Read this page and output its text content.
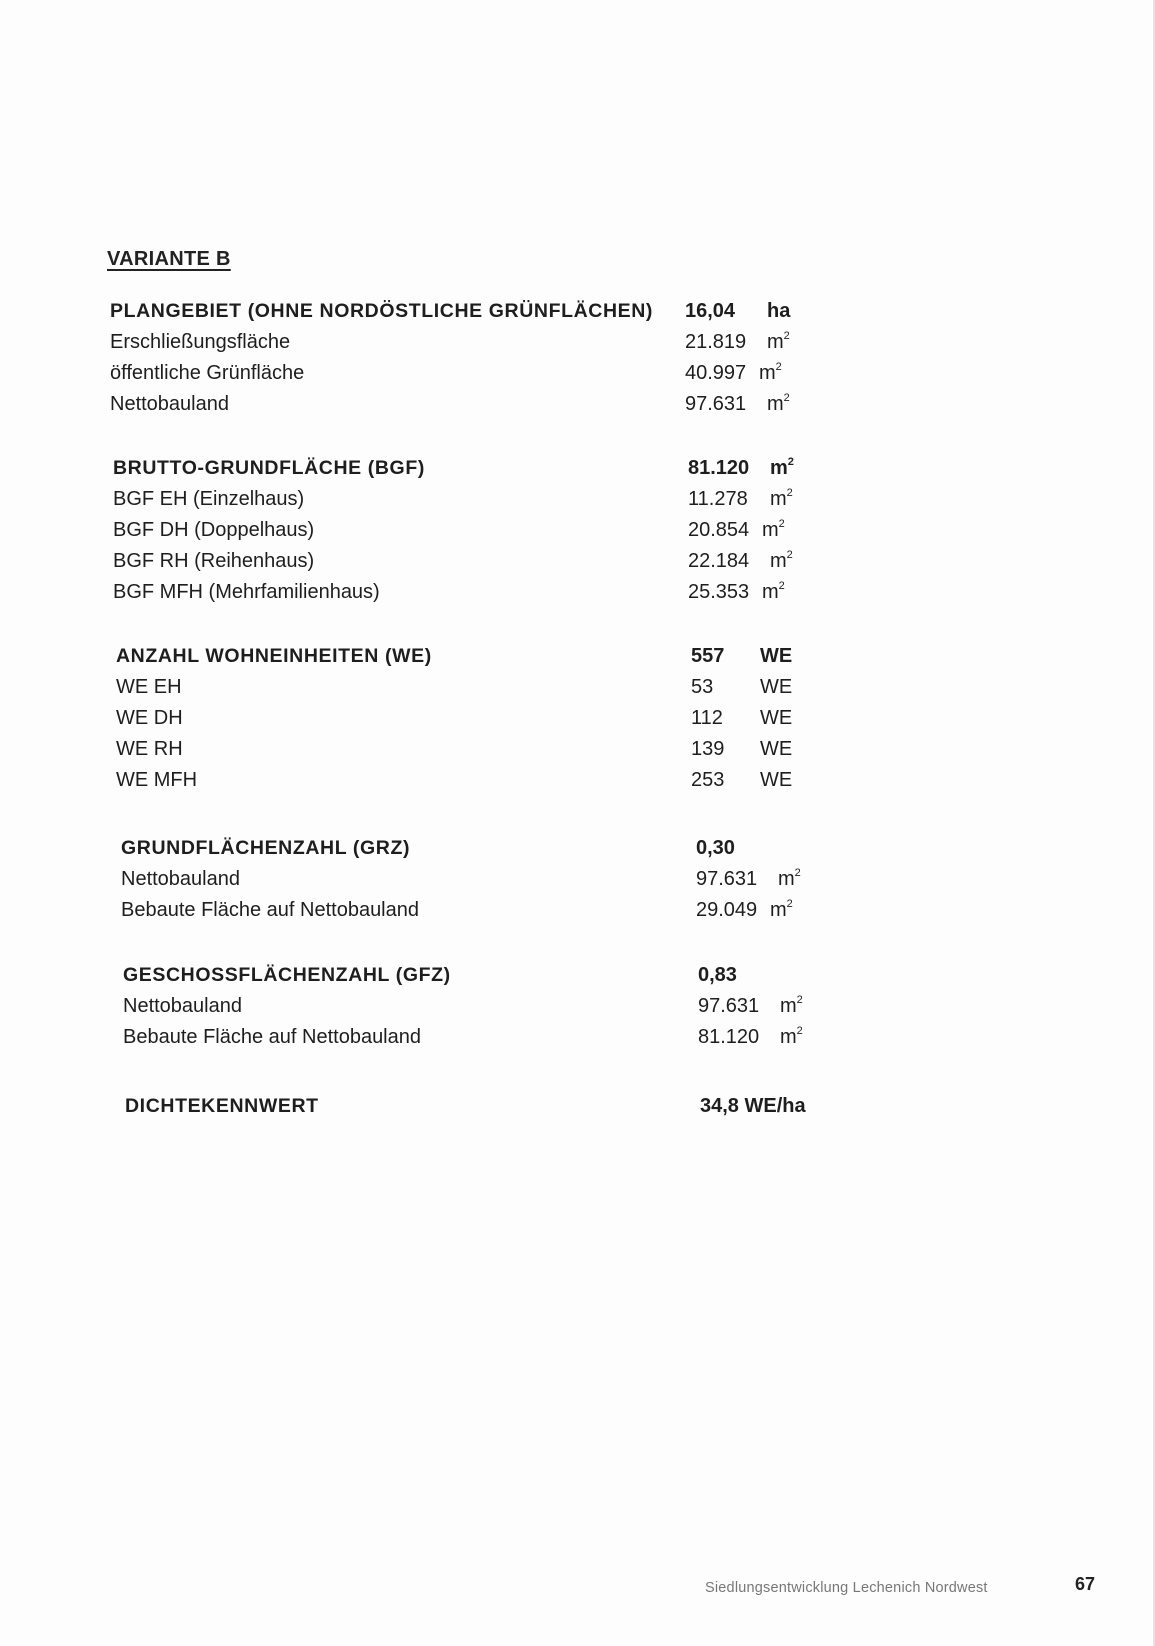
VARIANTE B
PLANGEBIET (OHNE NORDÖSTLICHE GRÜNFLÄCHEN)	16,04	ha
Erschließungsfläche	21.819	$m^2$
öffentliche Grünfläche	40.997 $m^2$
Nettobauland	97.631	$m^2$
BRUTTO-GRUNDFLÄCHE (BGF)	81.120	$m^2$
BGF EH (Einzelhaus)	11.278	$m^2$
BGF DH (Doppelhaus)	20.854 $m^2$
BGF RH (Reihenhaus)	22.184	$m^2$
BGF MFH (Mehrfamilienhaus)	25.353 $m^2$
ANZAHL WOHNEINHEITEN (WE)	557	WE
WE EH	53	WE
WE DH	112	WE
WE RH	139	WE
WE MFH	253	WE
GRUNDFLÄCHENZAHL (GRZ)	0,30
Nettobauland	97.631	$m^2$
Bebaute Fläche auf Nettobauland	29.049 $m^2$
GESCHOSSFLÄCHENZAHL (GFZ)	0,83
Nettobauland	97.631	$m^2$
Bebaute Fläche auf Nettobauland	81.120	$m^2$
DICHTEKENNWERT	34,8 WE/ha
Siedlungsentwicklung Lechenich Nordwest	67
